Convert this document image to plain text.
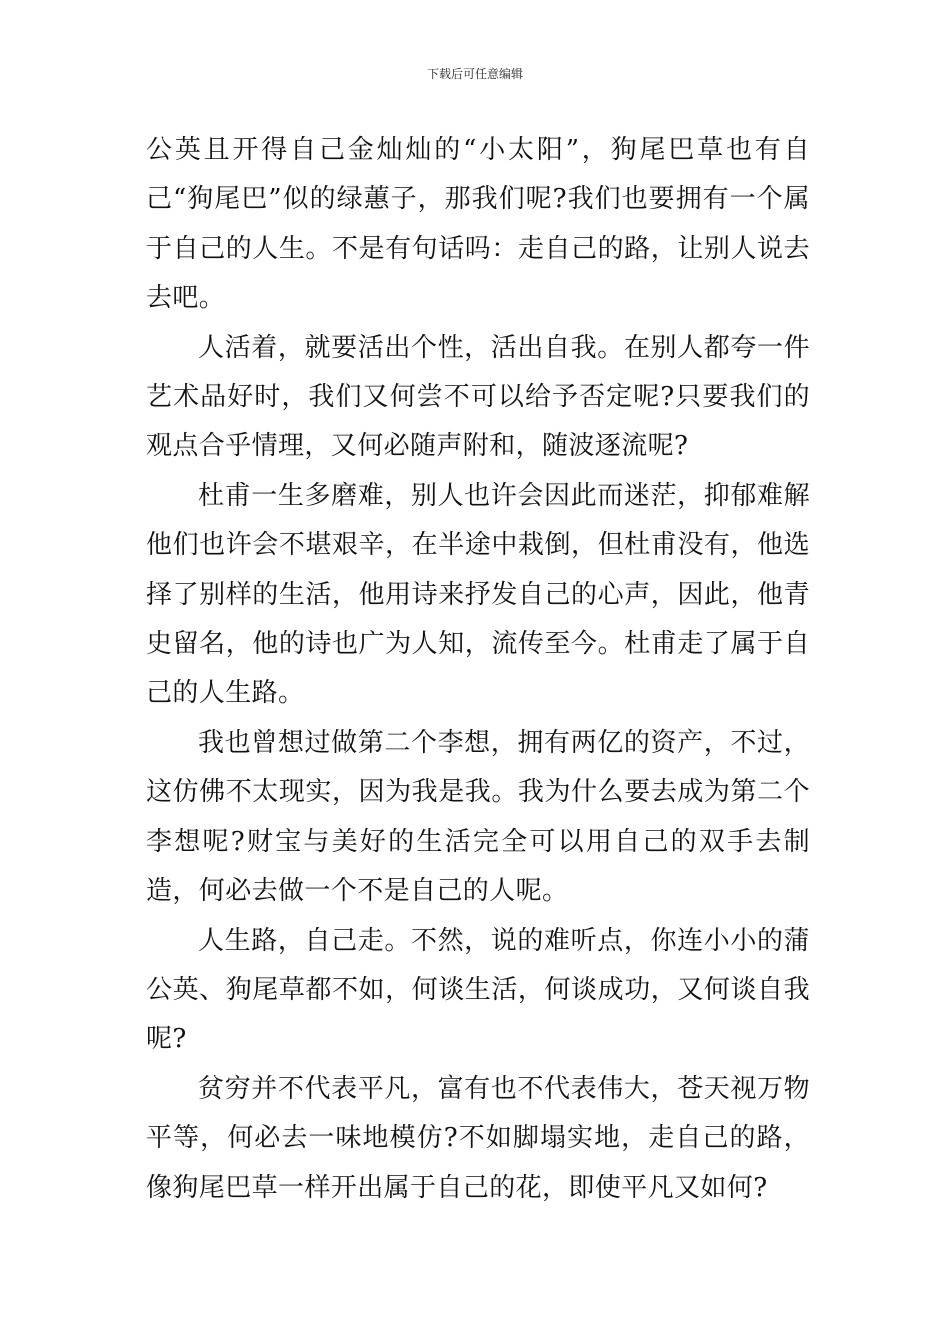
下载后可任意编辑

公英且开得自己金灿灿的“小太阳”，狗尾巴草也有自己“狗尾巴”似的绿蕙子，那我们呢?我们也要拥有一个属于自己的人生。不是有句话吗：走自己的路，让别人说去去吧。

人活着，就要活出个性，活出自我。在别人都夸一件艺术品好时，我们又何尝不可以给予否定呢?只要我们的观点合乎情理，又何必随声附和，随波逐流呢?

杜甫一生多磨难，别人也许会因此而迷茫，抑郁难解他们也许会不堪艰辛，在半途中栽倒，但杜甫没有，他选择了别样的生活，他用诗来抒发自己的心声，因此，他青史留名，他的诗也广为人知，流传至今。杜甫走了属于自己的人生路。

我也曾想过做第二个李想，拥有两亿的资产，不过，这仿佛不太现实，因为我是我。我为什么要去成为第二个李想呢?财宝与美好的生活完全可以用自己的双手去制造，何必去做一个不是自己的人呢。

人生路，自己走。不然，说的难听点，你连小小的蒲公英、狗尾草都不如，何谈生活，何谈成功，又何谈自我呢?

贫穷并不代表平凡，富有也不代表伟大，苍天视万物平等，何必去一味地模仿?不如脚塌实地，走自己的路，像狗尾巴草一样开出属于自己的花，即使平凡又如何?
